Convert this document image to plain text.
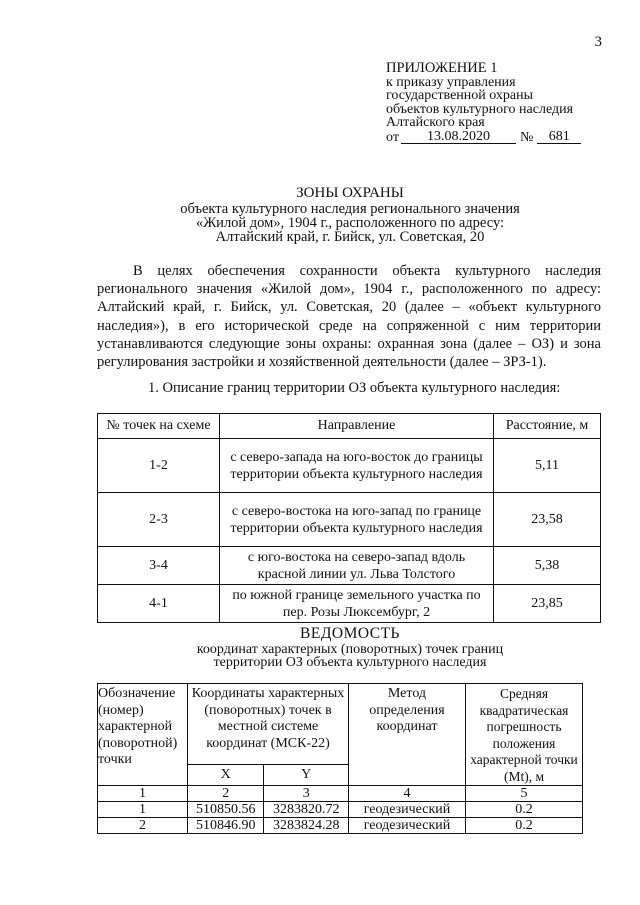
3
ПРИЛОЖЕНИЕ 1
к приказу управления
государственной охраны
объектов культурного наследия
Алтайского края
от	13.08.2020	№	681
ЗОНЫ ОХРАНЫ
объекта культурного наследия регионального значения
«Жилой дом», 1904 г., расположенного по адресу:
Алтайский край, г. Бийск, ул. Советская, 20
В целях обеспечения сохранности объекта культурного наследия регионального значения «Жилой дом», 1904 г., расположенного по адресу: Алтайский край, г. Бийск, ул. Советская, 20 (далее – «объект культурного наследия»), в его исторической среде на сопряженной с ним территории устанавливаются следующие зоны охраны: охранная зона (далее – ОЗ) и зона регулирования застройки и хозяйственной деятельности (далее – ЗРЗ-1).
1. Описание границ территории ОЗ объекта культурного наследия:
№ точек на схеме	Направление	Расстояние, м
1-2	с северо-запада на юго-восток до границы территории объекта культурного наследия	5,11
2-3	с северо-востока на юго-запад по границе территории объекта культурного наследия	23,58
3-4	с юго-востока на северо-запад вдоль красной линии ул. Льва Толстого	5,38
4-1	по южной границе земельного участка по пер. Розы Люксембург, 2	23,85
ВЕДОМОСТЬ
координат характерных (поворотных) точек границ
территории ОЗ объекта культурного наследия
Обозначение (номер) характерной (поворотной) точки	Координаты характерных (поворотных) точек в местной системе координат (МСК-22)		Метод определения координат	Средняя квадратическая погрешность положения характерной точки (Mt), м
	X	Y		
1	2	3	4	5
1	510850.56	3283820.72	геодезический	0.2
2	510846.90	3283824.28	геодезический	0.2
